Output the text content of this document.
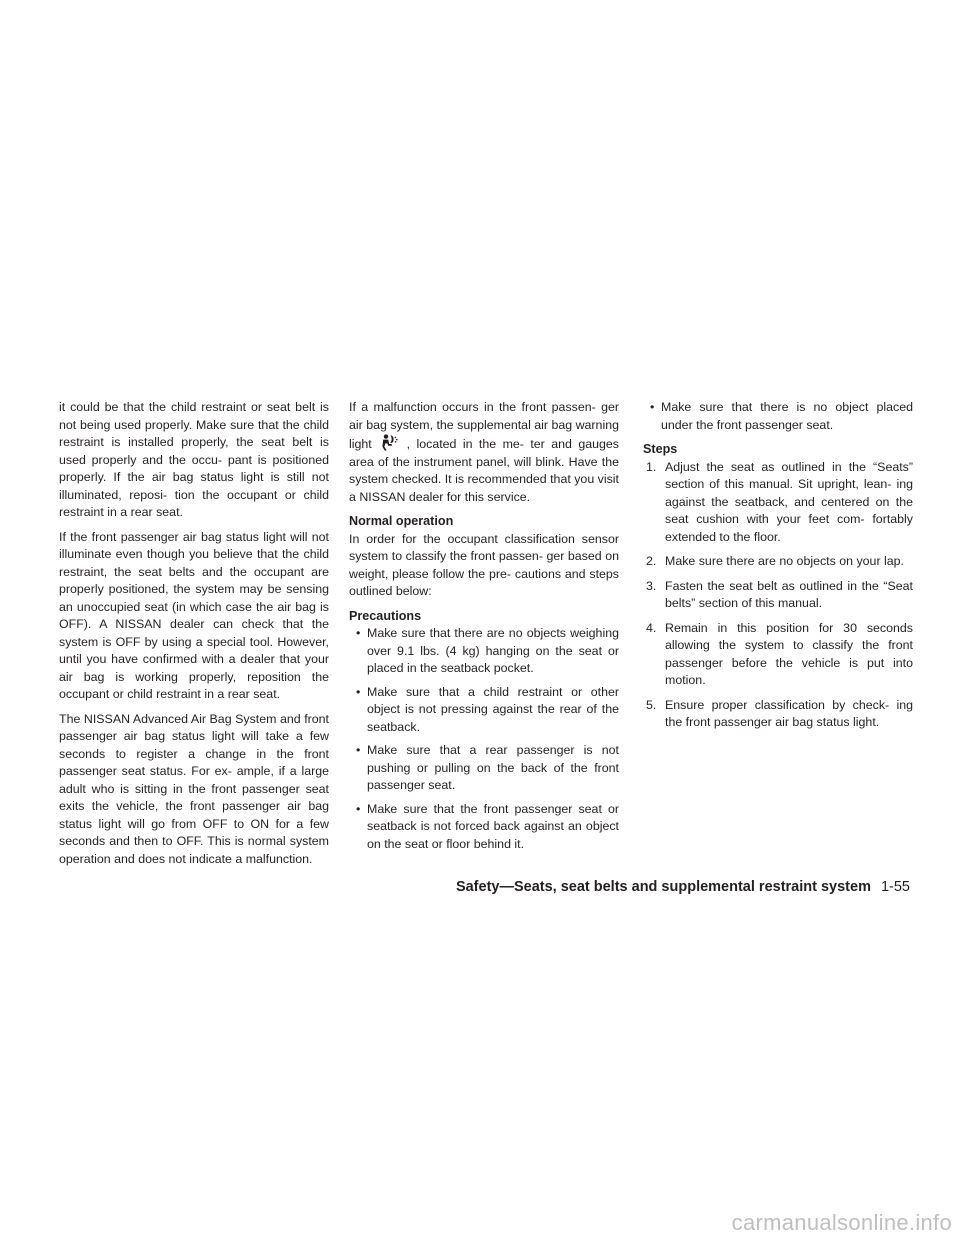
it could be that the child restraint or seat belt is not being used properly. Make sure that the child restraint is installed properly, the seat belt is used properly and the occu- pant is positioned properly. If the air bag status light is still not illuminated, reposi- tion the occupant or child restraint in a rear seat.

If the front passenger air bag status light will not illuminate even though you believe that the child restraint, the seat belts and the occupant are properly positioned, the system may be sensing an unoccupied seat (in which case the air bag is OFF). A NISSAN dealer can check that the system is OFF by using a special tool. However, until you have confirmed with a dealer that your air bag is working properly, reposition the occupant or child restraint in a rear seat.

The NISSAN Advanced Air Bag System and front passenger air bag status light will take a few seconds to register a change in the front passenger seat status. For ex- ample, if a large adult who is sitting in the front passenger seat exits the vehicle, the front passenger air bag status light will go from OFF to ON for a few seconds and then to OFF. This is normal system operation and does not indicate a malfunction.

If a malfunction occurs in the front passen- ger air bag system, the supplemental air bag warning light	, located in the me- ter and gauges area of the instrument panel, will blink. Have the system checked. It is recommended that you visit a NISSAN dealer for this service.

Normal operation

In order for the occupant classification sensor system to classify the front passen- ger based on weight, please follow the pre- cautions and steps outlined below:

Precautions
• Make sure that there are no objects weighing over 9.1 lbs. (4 kg) hanging on the seat or placed in the seatback pocket.
• Make sure that a child restraint or other object is not pressing against the rear of the seatback.
• Make sure that a rear passenger is not pushing or pulling on the back of the front passenger seat.
• Make sure that the front passenger seat or seatback is not forced back against an object on the seat or floor behind it.
• Make sure that there is no object placed under the front passenger seat.
Steps
1. Adjust the seat as outlined in the “Seats” section of this manual. Sit upright, lean- ing against the seatback, and centered on the seat cushion with your feet com- fortably extended to the floor.
2. Make sure there are no objects on your lap.
3. Fasten the seat belt as outlined in the “Seat belts” section of this manual.
4. Remain in this position for 30 seconds allowing the system to classify the front passenger before the vehicle is put into motion.
5. Ensure proper classification by check- ing the front passenger air bag status light.
Safety—Seats, seat belts and supplemental restraint system 1-55
carmanualsonline.info
